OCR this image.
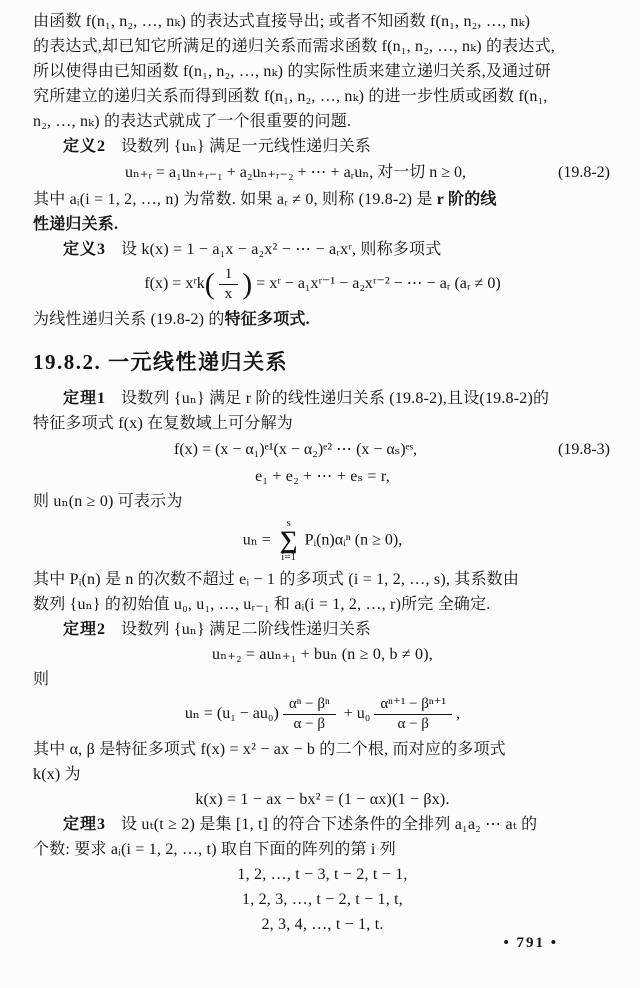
由函数 f(n₁, n₂, …, nₖ) 的表达式直接导出; 或者不知函数 f(n₁, n₂, …, nₖ)
的表达式,却已知它所满足的递归关系而需求函数 f(n₁, n₂, …, nₖ) 的表达式,
所以使得由已知函数 f(n₁, n₂, …, nₖ) 的实际性质来建立递归关系,及通过研
究所建立的递归关系而得到函数 f(n₁, n₂, …, nₖ) 的进一步性质或函数 f(n₁,
n₂, …, nₖ) 的表达式就成了一个很重要的问题.
定义2 设数列 {uₙ} 满足一元线性递归关系
uₙ₊ᵣ = a₁uₙ₊ᵣ₋₁ + a₂uₙ₊ᵣ₋₂ + ⋯ + aᵣuₙ, 对一切 n ≥ 0,	(19.8-2)
其中 aᵢ(i = 1, 2, …, n) 为常数. 如果 aᵣ ≠ 0, 则称 (19.8-2) 是 r 阶的线
性递归关系.
定义3 设 k(x) = 1 − a₁x − a₂x² − ⋯ − aᵣxʳ, 则称多项式
f(x) = xʳk( $\frac{1}{x}$ ) = xʳ − a₁xʳ⁻¹ − a₂xʳ⁻² − ⋯ − aᵣ (aᵣ ≠ 0)
为线性递归关系 (19.8-2) 的特征多项式.
19.8.2. 一元线性递归关系
定理1 设数列 {uₙ} 满足 r 阶的线性递归关系 (19.8-2),且设(19.8-2)的
特征多项式 f(x) 在复数域上可分解为
f(x) = (x − α₁)ᵉ¹(x − α₂)ᵉ² ⋯ (x − αₛ)ᵉˢ,	(19.8-3)
e₁ + e₂ + ⋯ + eₛ = r,
则 uₙ(n ≥ 0) 可表示为
uₙ =
s
∑
i=1
Pᵢ(n)αᵢⁿ (n ≥ 0),
其中 Pᵢ(n) 是 n 的次数不超过 eᵢ − 1 的多项式 (i = 1, 2, …, s), 其系数由
数列 {uₙ} 的初始值 u₀, u₁, …, uᵣ₋₁ 和 aᵢ(i = 1, 2, …, r)所完 全确定.
定理2 设数列 {uₙ} 满足二阶线性递归关系
uₙ₊₂ = auₙ₊₁ + buₙ (n ≥ 0, b ≠ 0),
则
$u_n = (u_1 - au_0) \frac{\text{αⁿ − βⁿ}}{\alpha - \beta} + u_0 \frac{\text{αⁿ⁺¹ − βⁿ⁺¹}}{\alpha - \beta}$ ,
其中 α, β 是特征多项式 f(x) = x² − ax − b 的二个根, 而对应的多项式
k(x) 为
k(x) = 1 − ax − bx² = (1 − αx)(1 − βx).
定理3 设 uₜ(t ≥ 2) 是集 [1, t] 的符合下述条件的全排列 a₁a₂ ⋯ aₜ 的
个数: 要求 aᵢ(i = 1, 2, …, t) 取自下面的阵列的第 i 列
1, 2, …, t − 3, t − 2, t − 1,
1, 2, 3, …, t − 2, t − 1, t,
2, 3, 4, …, t − 1, t.
• 791 •
